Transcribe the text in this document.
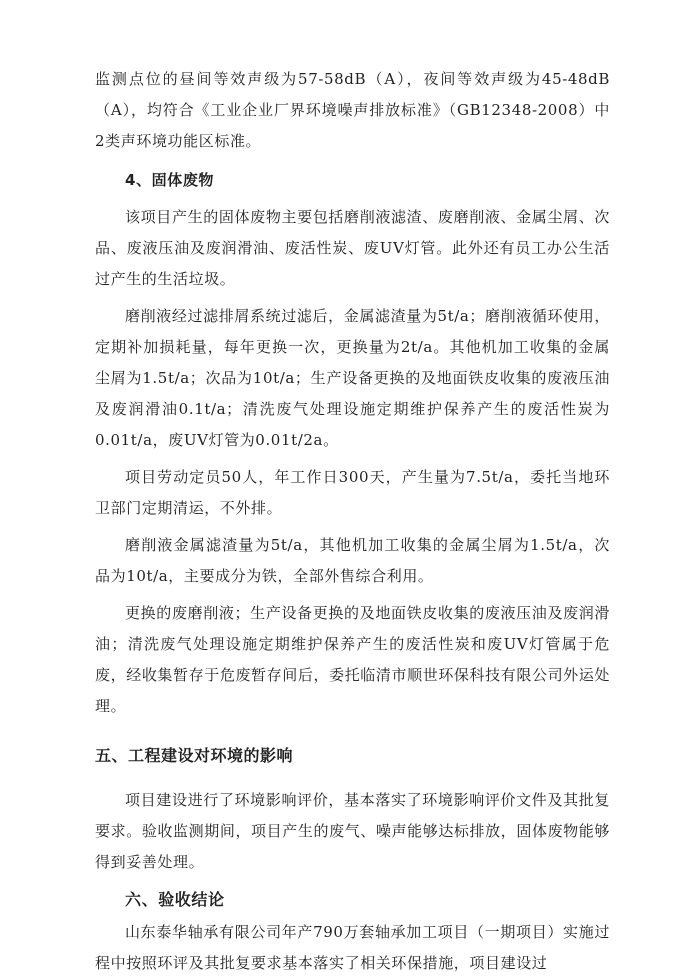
监测点位的昼间等效声级为57-58dB（A），夜间等效声级为45-48dB（A），均符合《工业企业厂界环境噪声排放标准》（GB12348-2008）中2类声环境功能区标准。

4、固体废物

该项目产生的固体废物主要包括磨削液滤渣、废磨削液、金属尘屑、次品、废液压油及废润滑油、废活性炭、废UV灯管。此外还有员工办公生活过产生的生活垃圾。

磨削液经过滤排屑系统过滤后，金属滤渣量为5t/a；磨削液循环使用，定期补加损耗量，每年更换一次，更换量为2t/a。其他机加工收集的金属尘屑为1.5t/a；次品为10t/a；生产设备更换的及地面铁皮收集的废液压油及废润滑油0.1t/a；清洗废气处理设施定期维护保养产生的废活性炭为0.01t/a，废UV灯管为0.01t/2a。

项目劳动定员50人，年工作日300天，产生量为7.5t/a，委托当地环卫部门定期清运，不外排。

磨削液金属滤渣量为5t/a，其他机加工收集的金属尘屑为1.5t/a，次品为10t/a，主要成分为铁，全部外售综合利用。

更换的废磨削液；生产设备更换的及地面铁皮收集的废液压油及废润滑油；清洗废气处理设施定期维护保养产生的废活性炭和废UV灯管属于危废，经收集暂存于危废暂存间后，委托临清市顺世环保科技有限公司外运处理。

五、工程建设对环境的影响

项目建设进行了环境影响评价，基本落实了环境影响评价文件及其批复要求。验收监测期间，项目产生的废气、噪声能够达标排放，固体废物能够得到妥善处理。

六、验收结论

山东泰华轴承有限公司年产790万套轴承加工项目（一期项目）实施过程中按照环评及其批复要求基本落实了相关环保措施，项目建设过
